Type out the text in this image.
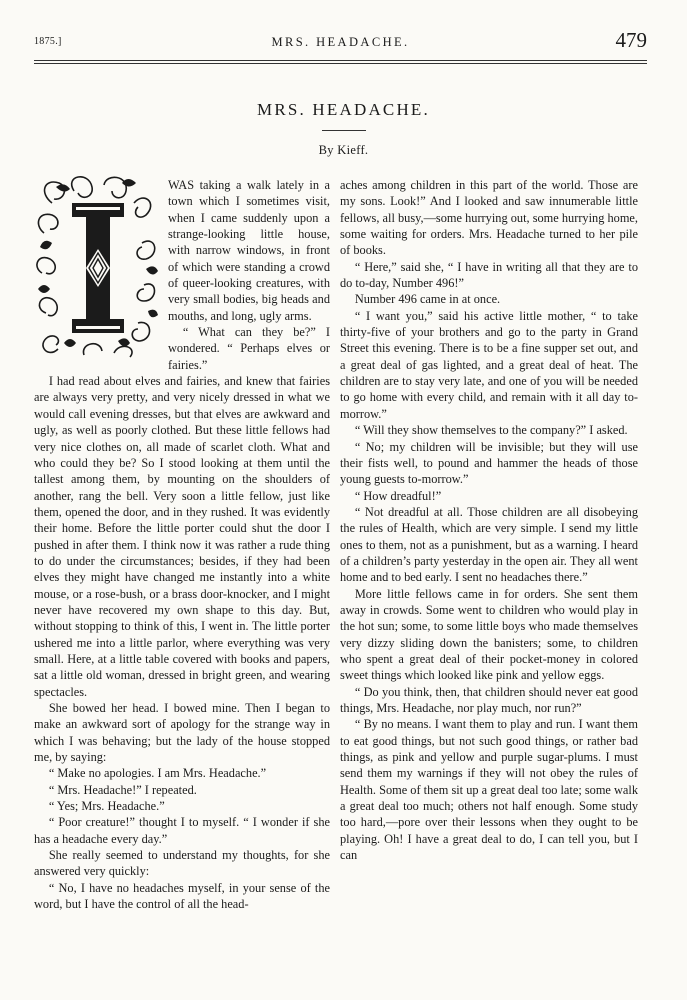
1875.]	MRS. HEADACHE.	479
MRS. HEADACHE.
By Kieff.

WAS taking a walk lately in a town which I sometimes visit, when I came suddenly upon a strange-looking little house, with narrow windows, in front of which were standing a crowd of queer-looking creatures, with very small bodies, big heads and mouths, and long, ugly arms.

“ What can they be?” I wondered. “ Perhaps elves or fairies.”

I had read about elves and fairies, and knew that fairies are always very pretty, and very nicely dressed in what we would call evening dresses, but that elves are awkward and ugly, as well as poorly clothed. But these little fellows had very nice clothes on, all made of scarlet cloth. What and who could they be? So I stood looking at them until the tallest among them, by mounting on the shoulders of another, rang the bell. Very soon a little fellow, just like them, opened the door, and in they rushed. It was evidently their home. Before the little porter could shut the door I pushed in after them. I think now it was rather a rude thing to do under the circumstances; besides, if they had been elves they might have changed me instantly into a white mouse, or a rose-bush, or a brass door-knocker, and I might never have recovered my own shape to this day. But, without stopping to think of this, I went in. The little porter ushered me into a little parlor, where everything was very small. Here, at a little table covered with books and papers, sat a little old woman, dressed in bright green, and wearing spectacles.

She bowed her head. I bowed mine. Then I began to make an awkward sort of apology for the strange way in which I was behaving; but the lady of the house stopped me, by saying:

“ Make no apologies. I am Mrs. Headache.”

“ Mrs. Headache!” I repeated.

“ Yes; Mrs. Headache.”

“ Poor creature!” thought I to myself. “ I wonder if she has a headache every day.”

She really seemed to understand my thoughts, for she answered very quickly:

“ No, I have no headaches myself, in your sense of the word, but I have the control of all the head-

aches among children in this part of the world. Those are my sons. Look!” And I looked and saw innumerable little fellows, all busy,—some hurrying out, some hurrying home, some waiting for orders. Mrs. Headache turned to her pile of books.

“ Here,” said she, “ I have in writing all that they are to do to-day, Number 496!”

Number 496 came in at once.

“ I want you,” said his active little mother, “ to take thirty-five of your brothers and go to the party in Grand Street this evening. There is to be a fine supper set out, and a great deal of gas lighted, and a great deal of heat. The children are to stay very late, and one of you will be needed to go home with every child, and remain with it all day to-morrow.”

“ Will they show themselves to the company?” I asked.

“ No; my children will be invisible; but they will use their fists well, to pound and hammer the heads of those young guests to-morrow.”

“ How dreadful!”

“ Not dreadful at all. Those children are all disobeying the rules of Health, which are very simple. I send my little ones to them, not as a punishment, but as a warning. I heard of a children’s party yesterday in the open air. They all went home and to bed early. I sent no headaches there.”

More little fellows came in for orders. She sent them away in crowds. Some went to children who would play in the hot sun; some, to some little boys who made themselves very dizzy sliding down the banisters; some, to children who spent a great deal of their pocket-money in colored sweet things which looked like pink and yellow eggs.

“ Do you think, then, that children should never eat good things, Mrs. Headache, nor play much, nor run?”

“ By no means. I want them to play and run. I want them to eat good things, but not such good things, or rather bad things, as pink and yellow and purple sugar-plums. I must send them my warnings if they will not obey the rules of Health. Some of them sit up a great deal too late; some walk a great deal too much; others not half enough. Some study too hard,—pore over their lessons when they ought to be playing. Oh! I have a great deal to do, I can tell you, but I can
